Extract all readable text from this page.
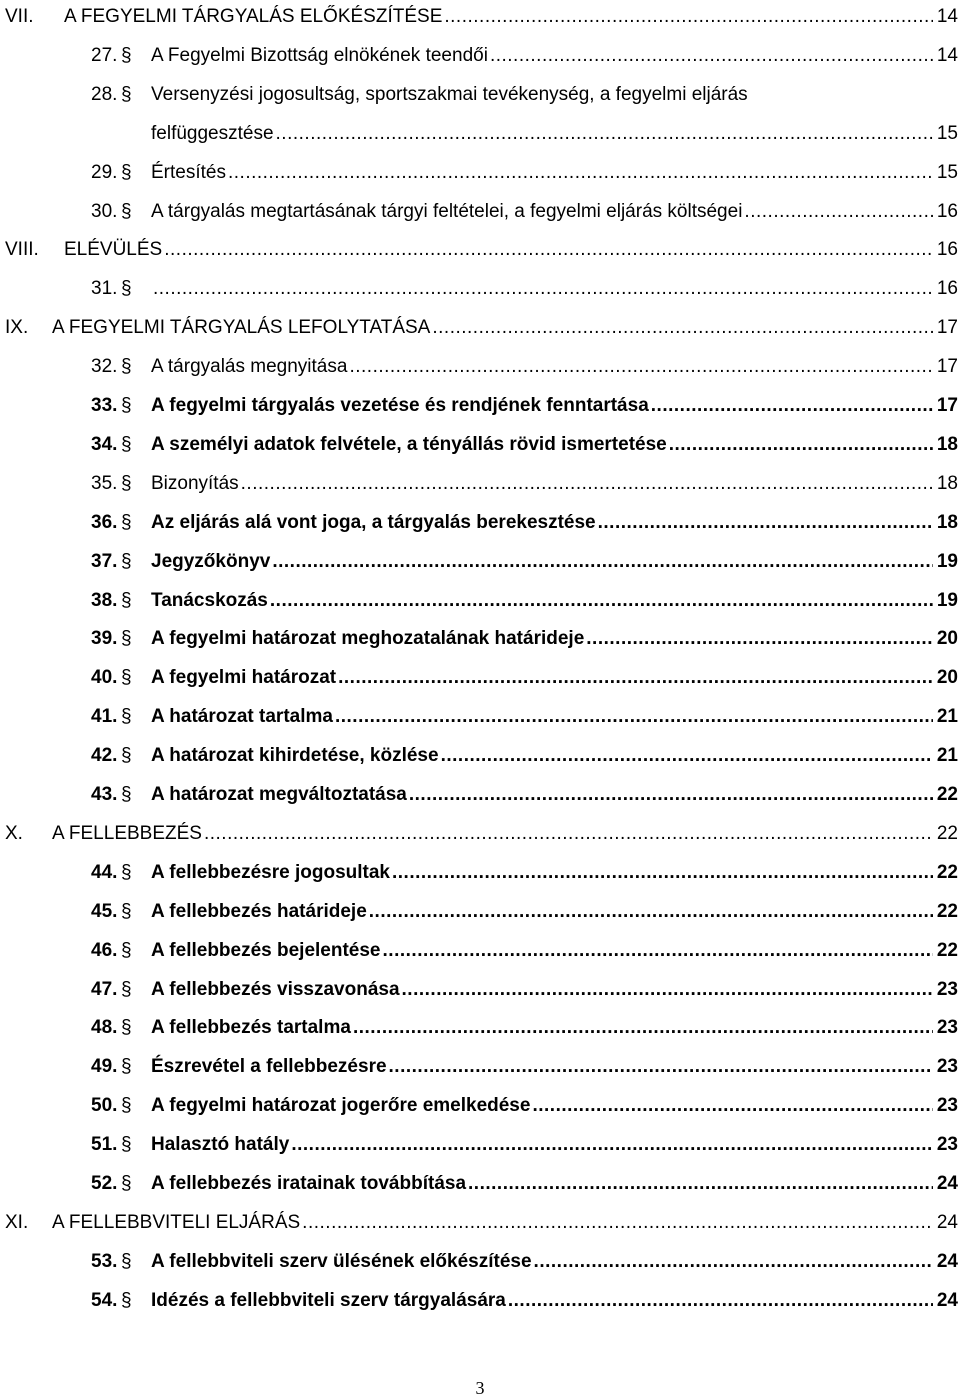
VII. A FEGYELMI TÁRGYALÁS ELŐKÉSZÍTÉSE .....	14
27. § A Fegyelmi Bizottság elnökének teendői .....	14
28. § Versenyzési jogosultság, sportszakmai tevékenység, a fegyelmi eljárás
felfüggesztése .....	15
29. § Értesítés .....	15
30. § A tárgyalás megtartásának tárgyi feltételei, a fegyelmi eljárás költségei .....	16
VIII. ELÉVÜLÉS .....	16
31. § .....	16
IX. A FEGYELMI TÁRGYALÁS LEFOLYTATÁSA .....	17
32. § A tárgyalás megnyitása .....	17
33. § A fegyelmi tárgyalás vezetése és rendjének fenntartása .....	17
34. § A személyi adatok felvétele, a tényállás rövid ismertetése .....	18
35. § Bizonyítás .....	18
36. § Az eljárás alá vont joga, a tárgyalás berekesztése .....	18
37. § Jegyzőkönyv .....	19
38. § Tanácskozás .....	19
39. § A fegyelmi határozat meghozatalának határideje .....	20
40. § A fegyelmi határozat .....	20
41. § A határozat tartalma .....	21
42. § A határozat kihirdetése, közlése .....	21
43. § A határozat megváltoztatása .....	22
X. A FELLEBBEZÉS .....	22
44. § A fellebbezésre jogosultak .....	22
45. § A fellebbezés határideje .....	22
46. § A fellebbezés bejelentése .....	22
47. § A fellebbezés visszavonása .....	23
48. § A fellebbezés tartalma .....	23
49. § Észrevétel a fellebbezésre .....	23
50. § A fegyelmi határozat jogerőre emelkedése .....	23
51. § Halasztó hatály .....	23
52. § A fellebbezés iratainak továbbítása .....	24
XI. A FELLEBBVITELI ELJÁRÁS .....	24
53. § A fellebbviteli szerv ülésének előkészítése .....	24
54. § Idézés a fellebbviteli szerv tárgyalására .....	24
3
